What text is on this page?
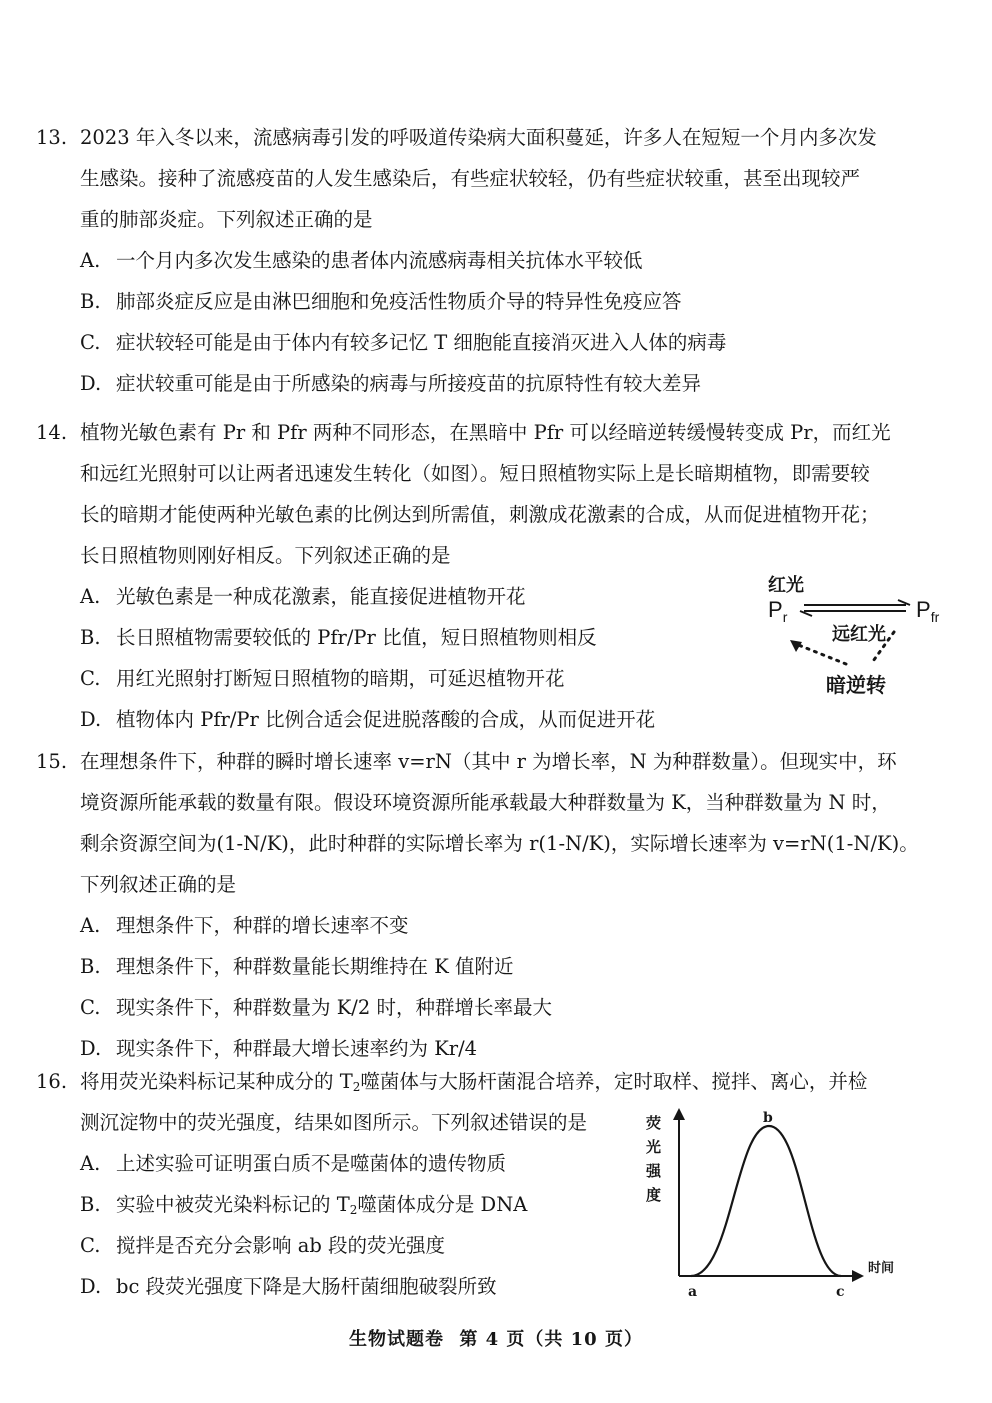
13. 2023 年入冬以来，流感病毒引发的呼吸道传染病大面积蔓延，许多人在短短一个月内多次发
生感染。接种了流感疫苗的人发生感染后，有些症状较轻，仍有些症状较重，甚至出现较严
重的肺部炎症。下列叙述正确的是
A. 一个月内多次发生感染的患者体内流感病毒相关抗体水平较低
B. 肺部炎症反应是由淋巴细胞和免疫活性物质介导的特异性免疫应答
C. 症状较轻可能是由于体内有较多记忆 T 细胞能直接消灭进入人体的病毒
D. 症状较重可能是由于所感染的病毒与所接疫苗的抗原特性有较大差异
14. 植物光敏色素有 Pr 和 Pfr 两种不同形态，在黑暗中 Pfr 可以经暗逆转缓慢转变成 Pr，而红光
和远红光照射可以让两者迅速发生转化（如图）。短日照植物实际上是长暗期植物，即需要较
长的暗期才能使两种光敏色素的比例达到所需值，刺激成花激素的合成，从而促进植物开花；
长日照植物则刚好相反。下列叙述正确的是
A. 光敏色素是一种成花激素，能直接促进植物开花
B. 长日照植物需要较低的 Pfr/Pr 比值，短日照植物则相反
C. 用红光照射打断短日照植物的暗期，可延迟植物开花
D. 植物体内 Pfr/Pr 比例合适会促进脱落酸的合成，从而促进开花
红光
$P_r$	$P_{fr}$
远红光
暗逆转
15. 在理想条件下，种群的瞬时增长速率 v=rN（其中 r 为增长率，N 为种群数量）。但现实中，环
境资源所能承载的数量有限。假设环境资源所能承载最大种群数量为 K，当种群数量为 N 时，
剩余资源空间为(1-N/K)，此时种群的实际增长率为 r(1-N/K)，实际增长速率为 v=rN(1-N/K)。
下列叙述正确的是
A. 理想条件下，种群的增长速率不变
B. 理想条件下，种群数量能长期维持在 K 值附近
C. 现实条件下，种群数量为 K/2 时，种群增长率最大
D. 现实条件下，种群最大增长速率约为 Kr/4
16. 将用荧光染料标记某种成分的 $T_2$噬菌体与大肠杆菌混合培养，定时取样、搅拌、离心，并检
测沉淀物中的荧光强度，结果如图所示。下列叙述错误的是
A. 上述实验可证明蛋白质不是噬菌体的遗传物质
B. 实验中被荧光染料标记的 $T_2$噬菌体成分是 DNA
C. 搅拌是否充分会影响 ab 段的荧光强度
D. bc 段荧光强度下降是大肠杆菌细胞破裂所致
荧
光
强
度
时间
a
b
c
生物试题卷 第 4 页（共 10 页）
